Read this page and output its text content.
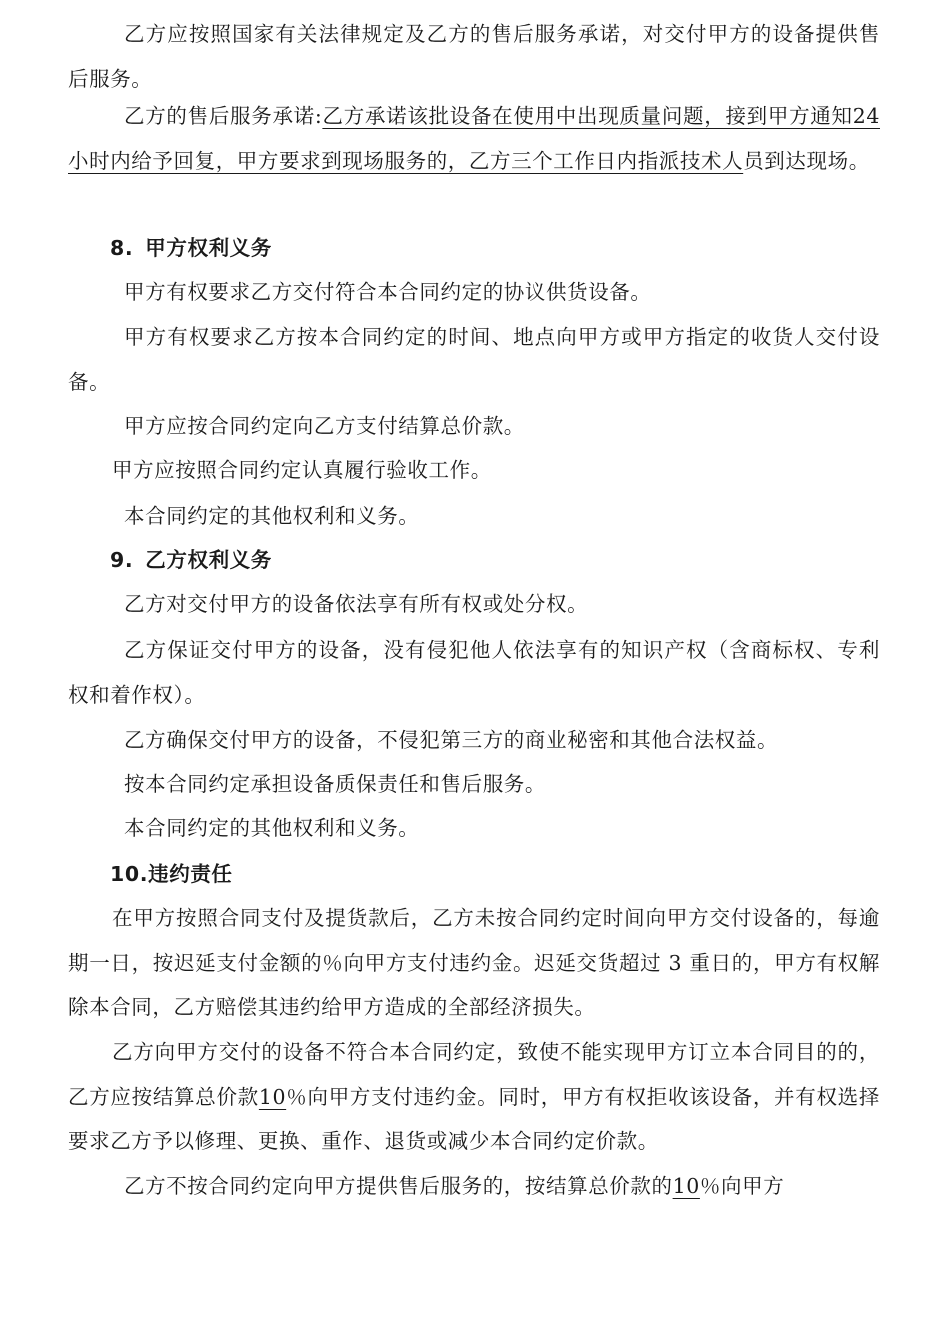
乙方应按照国家有关法律规定及乙方的售后服务承诺，对交付甲方的设备提供售后服务。

乙方的售后服务承诺:乙方承诺该批设备在使用中出现质量问题，接到甲方通知24小时内给予回复，甲方要求到现场服务的，乙方三个工作日内指派技术人员到达现场。

8. 甲方权利义务

甲方有权要求乙方交付符合本合同约定的协议供货设备。

甲方有权要求乙方按本合同约定的时间、地点向甲方或甲方指定的收货人交付设备。

甲方应按合同约定向乙方支付结算总价款。

甲方应按照合同约定认真履行验收工作。

本合同约定的其他权利和义务。

9. 乙方权利义务

乙方对交付甲方的设备依法享有所有权或处分权。

乙方保证交付甲方的设备，没有侵犯他人依法享有的知识产权（含商标权、专利权和着作权）。

乙方确保交付甲方的设备，不侵犯第三方的商业秘密和其他合法权益。

按本合同约定承担设备质保责任和售后服务。

本合同约定的其他权利和义务。

10.违约责任

在甲方按照合同支付及提货款后，乙方未按合同约定时间向甲方交付设备的，每逾期一日，按迟延支付金额的％向甲方支付违约金。迟延交货超过 3 重日的，甲方有权解除本合同，乙方赔偿其违约给甲方造成的全部经济损失。

乙方向甲方交付的设备不符合本合同约定，致使不能实现甲方订立本合同目的的，乙方应按结算总价款10％向甲方支付违约金。同时，甲方有权拒收该设备，并有权选择要求乙方予以修理、更换、重作、退货或减少本合同约定价款。

乙方不按合同约定向甲方提供售后服务的，按结算总价款的10％向甲方
